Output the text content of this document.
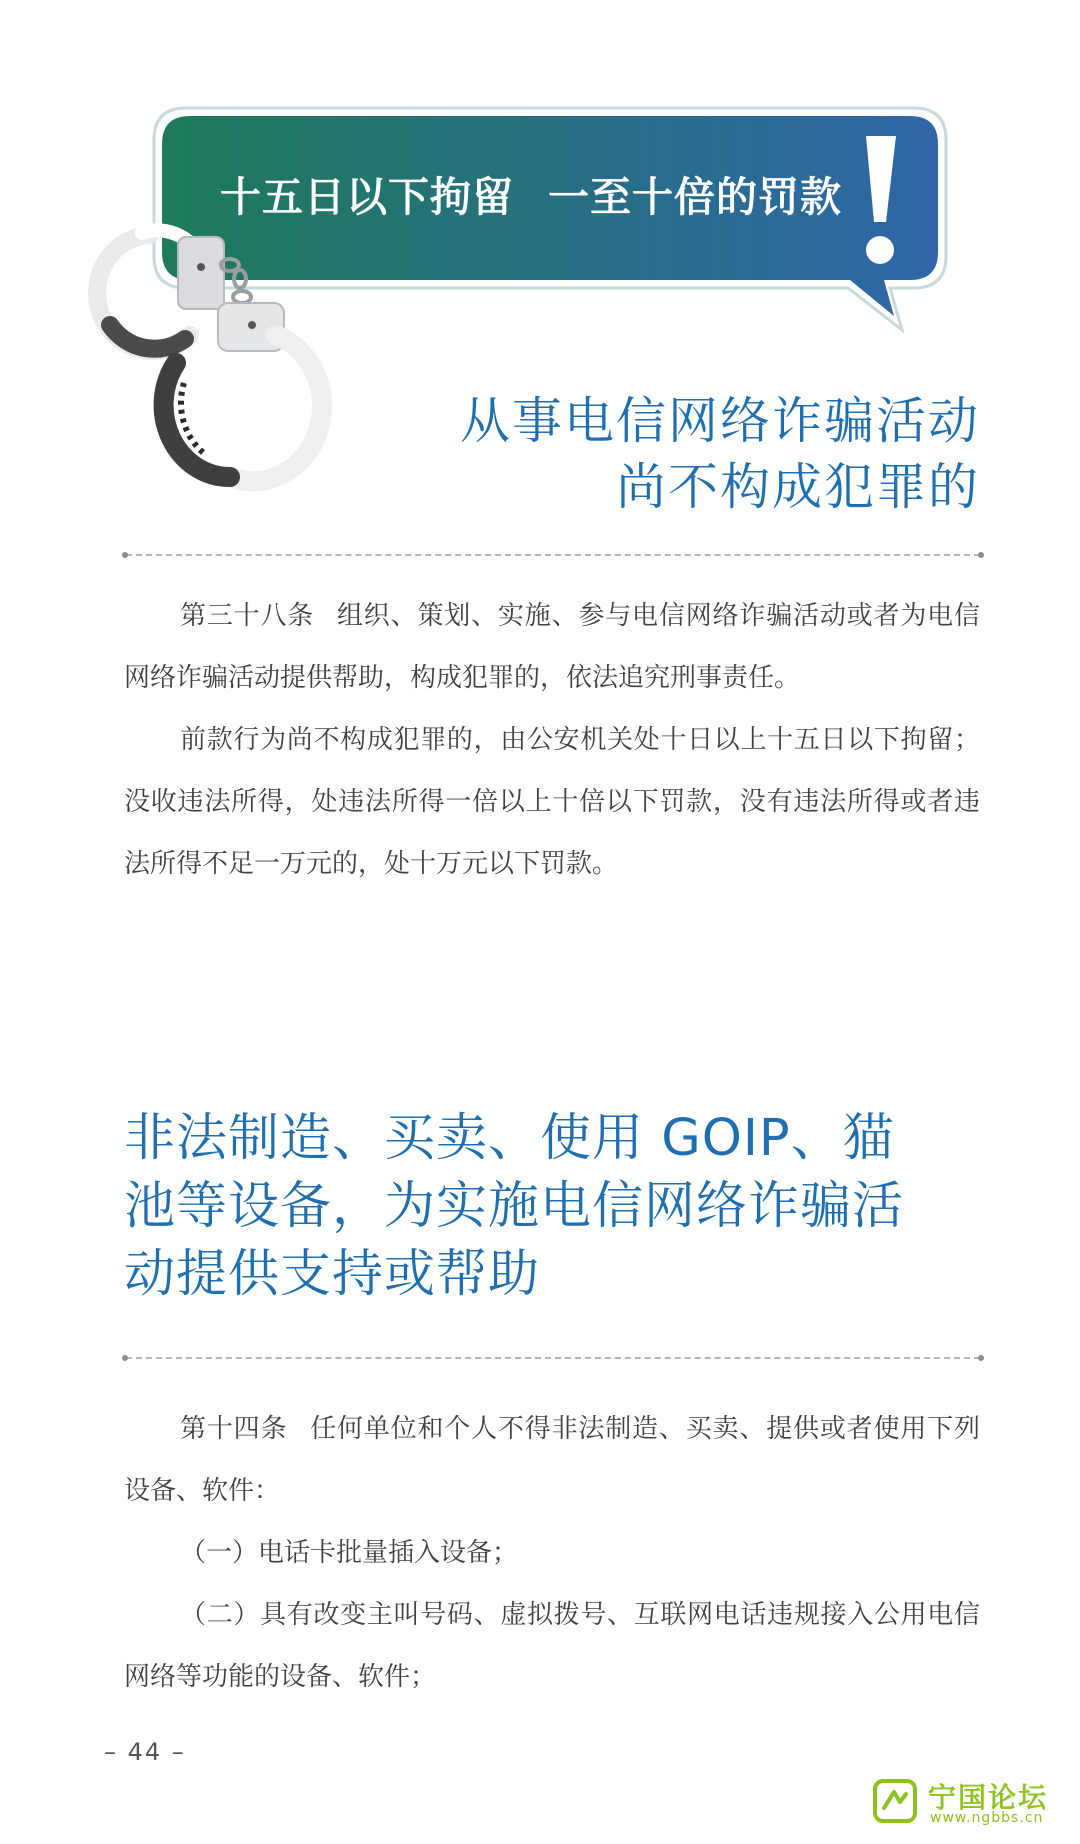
十五日以下拘留 一至十倍的罚款
从事电信网络诈骗活动
尚不构成犯罪的

第三十八条 组织、策划、实施、参与电信网络诈骗活动或者为电信网络诈骗活动提供帮助，构成犯罪的，依法追究刑事责任。

前款行为尚不构成犯罪的，由公安机关处十日以上十五日以下拘留；没收违法所得，处违法所得一倍以上十倍以下罚款，没有违法所得或者违法所得不足一万元的，处十万元以下罚款。

非法制造、买卖、使用 GOIP、猫
池等设备，为实施电信网络诈骗活
动提供支持或帮助

第十四条 任何单位和个人不得非法制造、买卖、提供或者使用下列设备、软件：

（一）电话卡批量插入设备；

（二）具有改变主叫号码、虚拟拨号、互联网电话违规接入公用电信网络等功能的设备、软件；

– 44 –
宁国论坛
www.ngbbs.cn
